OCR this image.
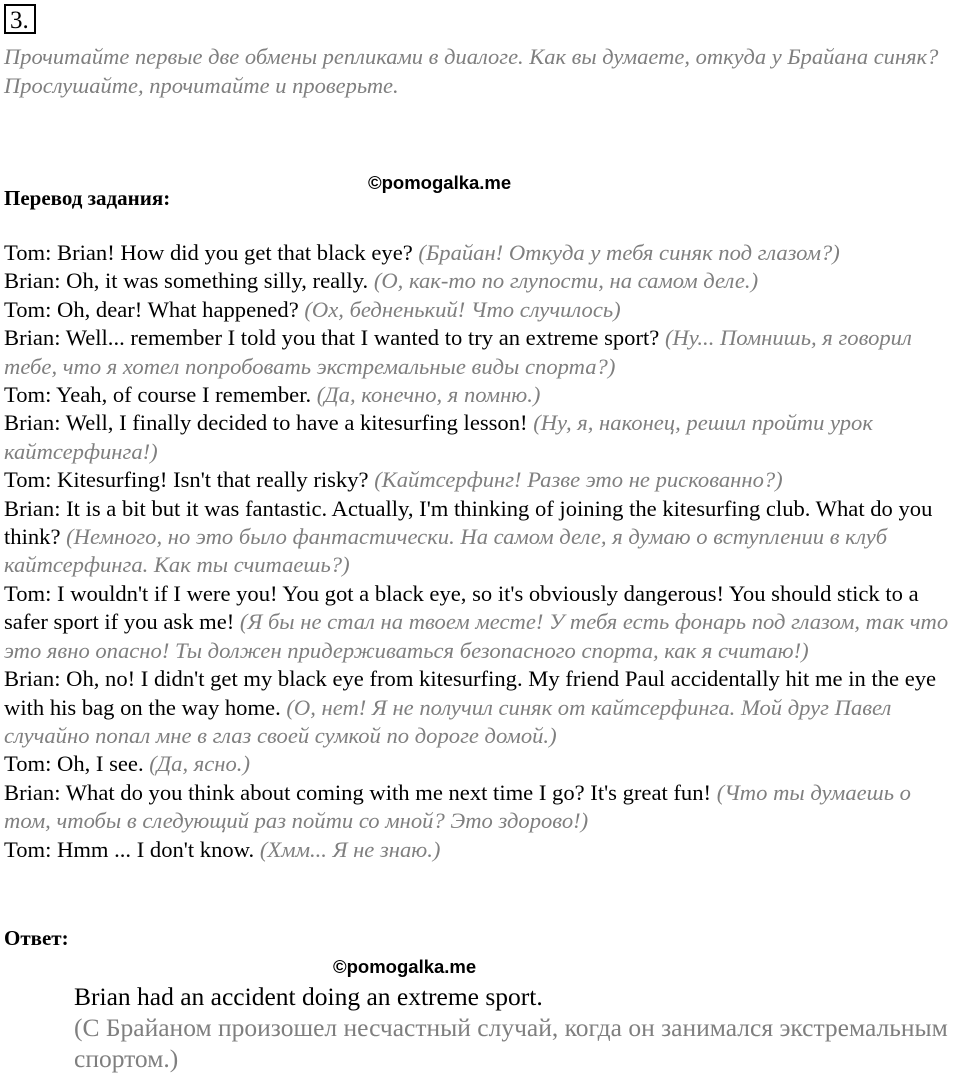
3.
Прочитайте первые две обмены репликами в диалоге. Как вы думаете, откуда у Брайана синяк?
Прослушайте, прочитайте и проверьте.
©pomogalka.me
Перевод задания:

Tom: Brian! How did you get that black eye? (Брайан! Откуда у тебя синяк под глазом?)

Brian: Oh, it was something silly, really. (О, как-то по глупости, на самом деле.)

Tom: Oh, dear! What happened? (Ох, бедненький! Что случилось)

Brian: Well... remember I told you that I wanted to try an extreme sport? (Ну... Помнишь, я говорил тебе, что я хотел попробовать экстремальные виды спорта?)

Tom: Yeah, of course I remember. (Да, конечно, я помню.)

Brian: Well, I finally decided to have a kitesurfing lesson! (Ну, я, наконец, решил пройти урок кайтсерфинга!)

Tom: Kitesurfing! Isn't that really risky? (Кайтсерфинг! Разве это не рискованно?)

Brian: It is a bit but it was fantastic. Actually, I'm thinking of joining the kitesurfing club. What do you think? (Немного, но это было фантастически. На самом деле, я думаю о вступлении в клуб кайтсерфинга. Как ты считаешь?)

Tom: I wouldn't if I were you! You got a black eye, so it's obviously dangerous! You should stick to a safer sport if you ask me! (Я бы не стал на твоем месте! У тебя есть фонарь под глазом, так что это явно опасно! Ты должен придерживаться безопасного спорта, как я считаю!)

Brian: Oh, no! I didn't get my black eye from kitesurfing. My friend Paul accidentally hit me in the eye with his bag on the way home. (О, нет! Я не получил синяк от кайтсерфинга. Мой друг Павел случайно попал мне в глаз своей сумкой по дороге домой.)

Tom: Oh, I see. (Да, ясно.)

Brian: What do you think about coming with me next time I go? It's great fun! (Что ты думаешь о том, чтобы в следующий раз пойти со мной? Это здорово!)

Tom: Hmm ... I don't know. (Хмм... Я не знаю.)

Ответ:
©pomogalka.me
Brian had an accident doing an extreme sport.
(С Брайаном произошел несчастный случай, когда он занимался экстремальным спортом.)
